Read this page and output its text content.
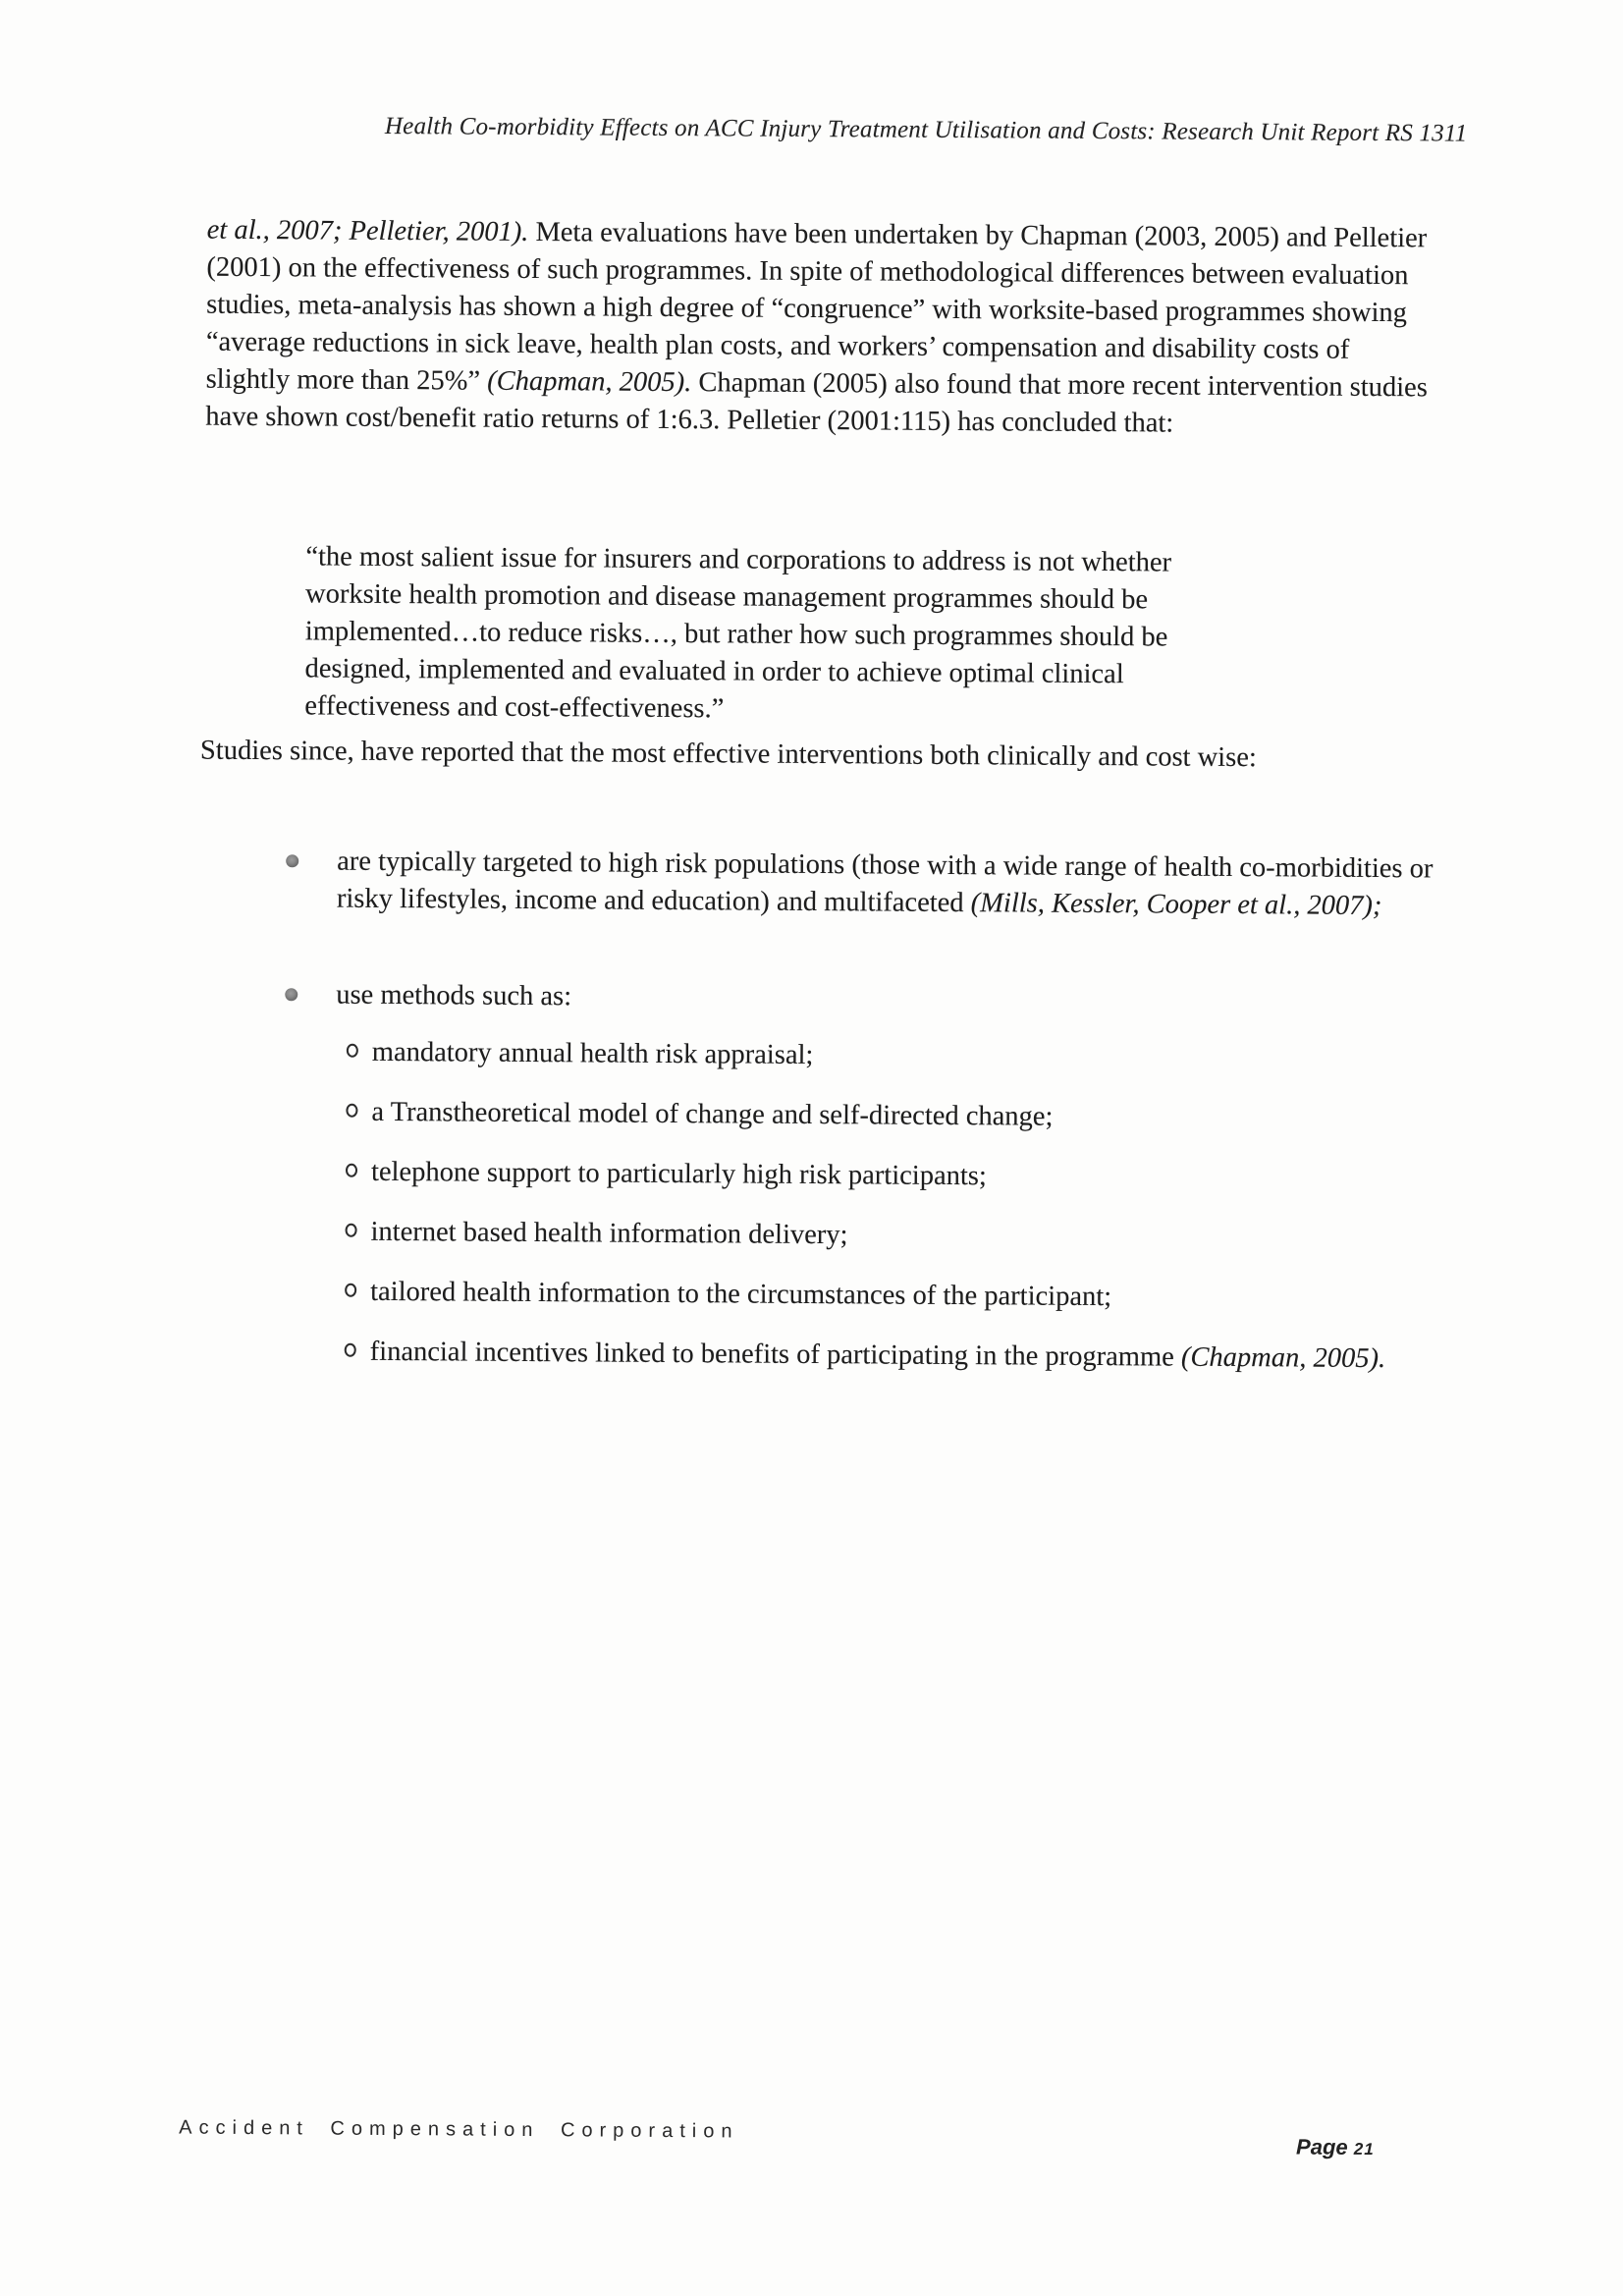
Health Co-morbidity Effects on ACC Injury Treatment Utilisation and Costs: Research Unit Report RS 1311

et al., 2007; Pelletier, 2001). Meta evaluations have been undertaken by Chapman (2003, 2005) and Pelletier (2001) on the effectiveness of such programmes. In spite of methodological differences between evaluation studies, meta-analysis has shown a high degree of “congruence” with worksite-based programmes showing “average reductions in sick leave, health plan costs, and workers’ compensation and disability costs of slightly more than 25%” (Chapman, 2005). Chapman (2005) also found that more recent intervention studies have shown cost/benefit ratio returns of 1:6.3. Pelletier (2001:115) has concluded that:

“the most salient issue for insurers and corporations to address is not whether worksite health promotion and disease management programmes should be implemented…to reduce risks…, but rather how such programmes should be designed, implemented and evaluated in order to achieve optimal clinical effectiveness and cost-effectiveness.”

Studies since, have reported that the most effective interventions both clinically and cost wise:

are typically targeted to high risk populations (those with a wide range of health co-morbidities or risky lifestyles, income and education) and multifaceted (Mills, Kessler, Cooper et al., 2007);
use methods such as:
mandatory annual health risk appraisal;
a Transtheoretical model of change and self-directed change;
telephone support to particularly high risk participants;
internet based health information delivery;
tailored health information to the circumstances of the participant;
financial incentives linked to benefits of participating in the programme (Chapman, 2005).
Accident Compensation Corporation
Page 21
